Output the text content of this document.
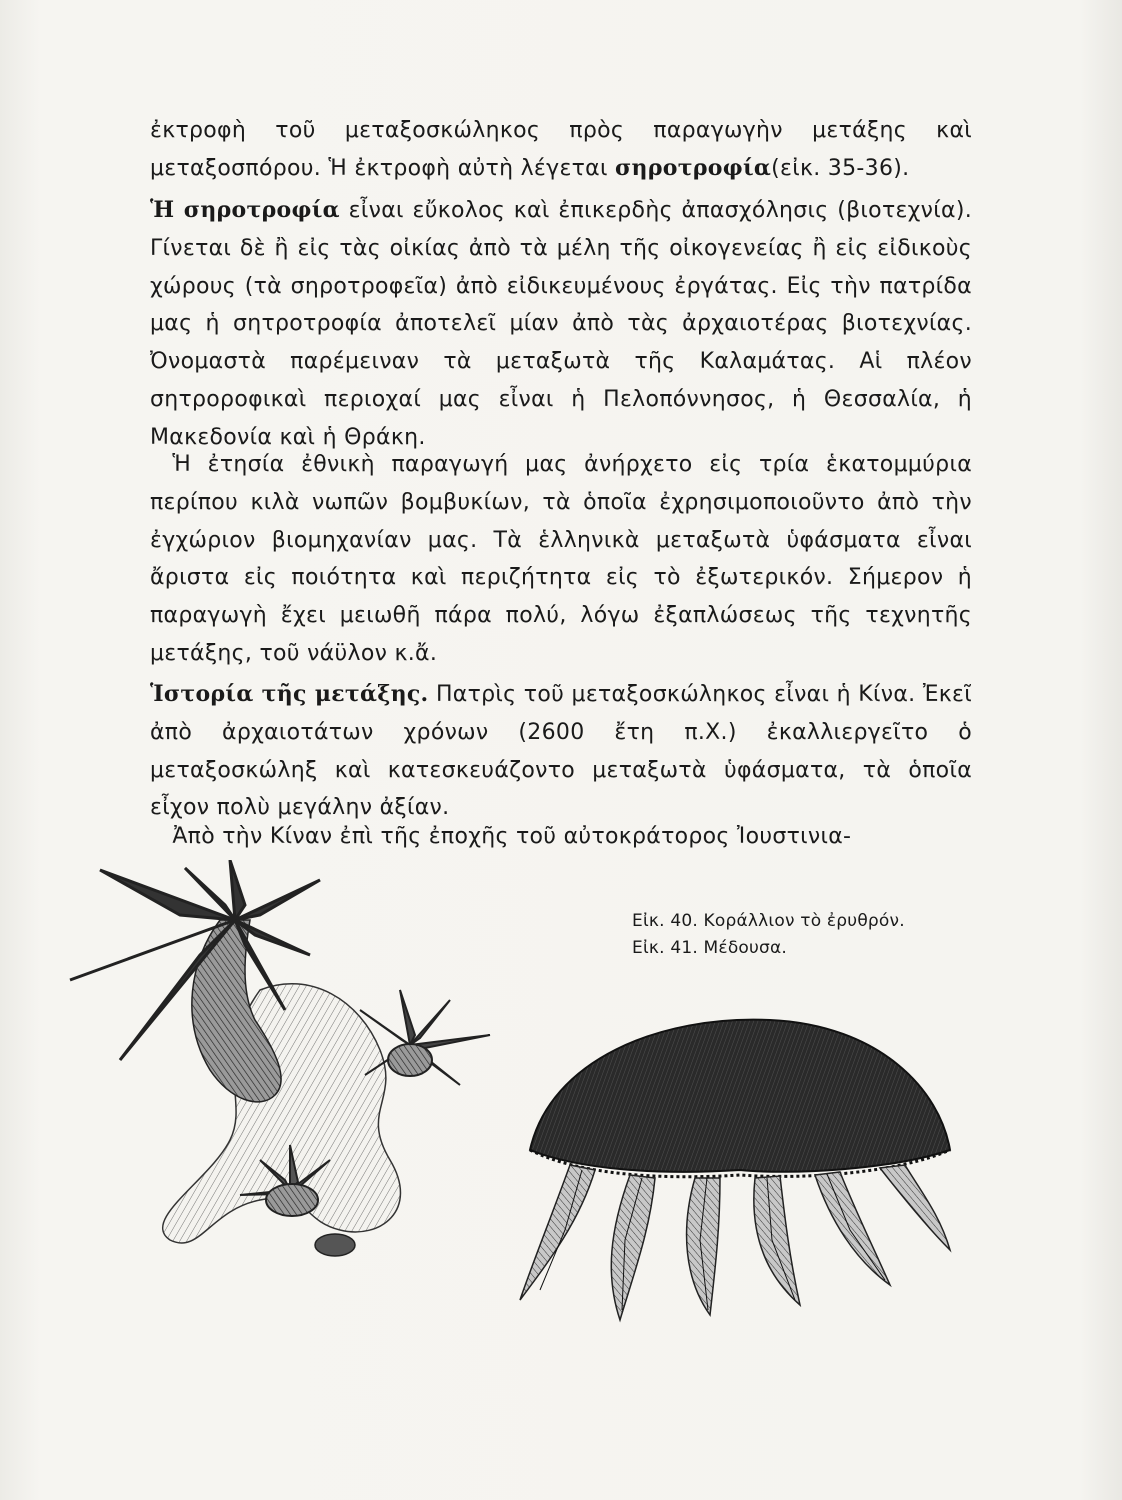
ἐκτροφὴ τοῦ μεταξοσκώληκος πρὸς παραγωγὴν μετάξης καὶ μεταξοσπόρου. Ἡ ἐκτροφὴ αὐτὴ λέγεται σηροτροφία(εἰκ. 35-36).

Ἡ σηροτροφία εἶναι εὔκολος καὶ ἐπικερδὴς ἀπασχόλησις (βιοτεχνία). Γίνεται δὲ ἢ εἰς τὰς οἰκίας ἀπὸ τὰ μέλη τῆς οἰκογενείας ἢ εἰς εἰδικοὺς χώρους (τὰ σηροτροφεῖα) ἀπὸ εἰδικευμένους ἐργάτας. Εἰς τὴν πατρίδα μας ἡ σητροτροφία ἀποτελεῖ μίαν ἀπὸ τὰς ἀρχαιοτέρας βιοτεχνίας. Ὀνομαστὰ παρέμειναν τὰ μεταξωτὰ τῆς Καλαμάτας. Αἱ πλέον σητροροφικαὶ περιοχαί μας εἶναι ἡ Πελοπόννησος, ἡ Θεσσαλία, ἡ Μακεδονία καὶ ἡ Θράκη.

 Ἡ ἐτησία ἐθνικὴ παραγωγή μας ἀνήρχετο εἰς τρία ἑκατομμύρια περίπου κιλὰ νωπῶν βομβυκίων, τὰ ὁποῖα ἐχρησιμοποιοῦντο ἀπὸ τὴν ἐγχώριον βιομηχανίαν μας. Τὰ ἑλληνικὰ μεταξωτὰ ὑφάσματα εἶναι ἄριστα εἰς ποιότητα καὶ περιζήτητα εἰς τὸ ἐξωτερικόν. Σήμερον ἡ παραγωγὴ ἔχει μειωθῆ πάρα πολύ, λόγω ἐξαπλώσεως τῆς τεχνητῆς μετάξης, τοῦ νάϋλον κ.ἄ.

Ἱστορία τῆς μετάξης. Πατρὶς τοῦ μεταξοσκώληκος εἶναι ἡ Κίνα. Ἐκεῖ ἀπὸ ἀρχαιοτάτων χρόνων (2600 ἔτη π.Χ.) ἐκαλλιεργεῖτο ὁ μεταξοσκώληξ καὶ κατεσκευάζοντο μεταξωτὰ ὑφάσματα, τὰ ὁποῖα εἶχον πολὺ μεγάλην ἀξίαν.

 Ἀπὸ τὴν Κίναν ἐπὶ τῆς ἐποχῆς τοῦ αὐτοκράτορος Ἰουστινια-

Εἰκ. 40. Κοράλλιον τὸ ἐρυθρόν.
Εἰκ. 41. Μέδουσα.
